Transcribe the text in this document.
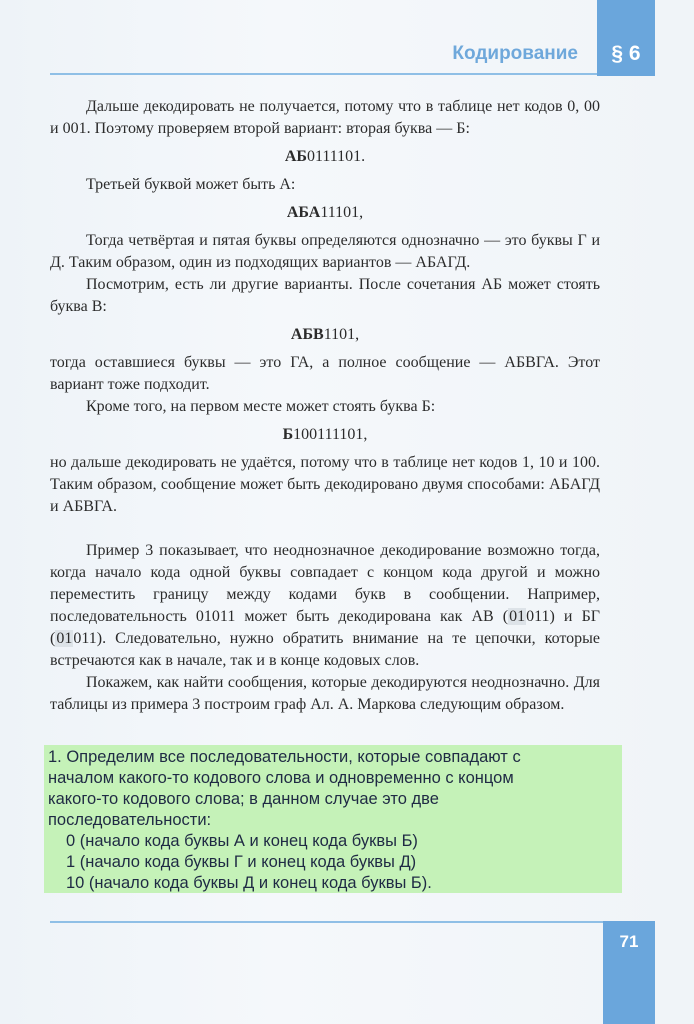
§ 6
Кодирование

Дальше декодировать не получается, потому что в таблице нет кодов 0, 00 и 001. Поэтому проверяем второй вариант: вторая буква — Б:

АБ0111101.

Третьей буквой может быть А:

АБА11101,

Тогда четвёртая и пятая буквы определяются однозначно — это буквы Г и Д. Таким образом, один из подходящих вариантов — АБАГД.

Посмотрим, есть ли другие варианты. После сочетания АБ может стоять буква В:

АБВ1101,

тогда оставшиеся буквы — это ГА, а полное сообщение — АБВГА. Этот вариант тоже подходит.

Кроме того, на первом месте может стоять буква Б:

Б100111101,

но дальше декодировать не удаётся, потому что в таблице нет кодов 1, 10 и 100. Таким образом, сообщение может быть декодировано двумя способами: АБАГД и АБВГА.

Пример 3 показывает, что неоднозначное декодирование возможно тогда, когда начало кода одной буквы совпадает с концом кода другой и можно переместить границу между кодами букв в сообщении. Например, последовательность 01011 может быть декодирована как АВ (01011) и БГ (01011). Следовательно, нужно обратить внимание на те цепочки, которые встречаются как в начале, так и в конце кодовых слов.

Покажем, как найти сообщения, которые декодируются неоднозначно. Для таблицы из примера 3 построим граф Ал. А. Маркова следующим образом.

1. Определим все последовательности, которые совпадают с
началом какого-то кодового слова и одновременно с концом
какого-то кодового слова; в данном случае это две
последовательности:
0 (начало кода буквы А и конец кода буквы Б)
1 (начало кода буквы Г и конец кода буквы Д)
10 (начало кода буквы Д и конец кода буквы Б).
71
